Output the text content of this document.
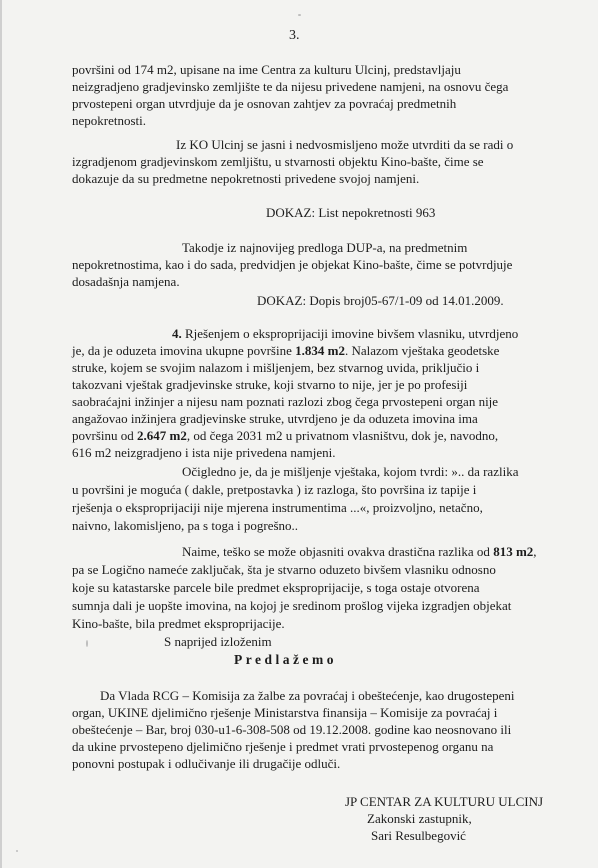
3.
površini od 174 m2, upisane na ime Centra za kulturu Ulcinj, predstavljaju
neizgradjeno gradjevinsko zemljište te da nijesu privedene namjeni, na osnovu čega
prvostepeni organ utvrdjuje da je osnovan zahtjev za povraćaj predmetnih
nepokretnosti.
Iz KO Ulcinj se jasni i nedvosmisljeno može utvrditi da se radi o
izgradjenom gradjevinskom zemljištu, u stvarnosti objektu Kino-bašte, čime se
dokazuje da su predmetne nepokretnosti privedene svojoj namjeni.
DOKAZ: List nepokretnosti 963
Takodje iz najnovijeg predloga DUP-a, na predmetnim
nepokretnostima, kao i do sada, predvidjen je objekat Kino-bašte, čime se potvrdjuje
dosadašnja namjena.
DOKAZ: Dopis broj05-67/1-09 od 14.01.2009.
4. Rješenjem o eksproprijaciji imovine bivšem vlasniku, utvrdjeno
je, da je oduzeta imovina ukupne površine 1.834 m2. Nalazom vještaka geodetske
struke, kojem se svojim nalazom i mišljenjem, bez stvarnog uvida, priključio i
takozvani vještak gradjevinske struke, koji stvarno to nije, jer je po profesiji
saobraćajni inžinjer a nijesu nam poznati razlozi zbog čega prvostepeni organ nije
angažovao inžinjera gradjevinske struke, utvrdjeno je da oduzeta imovina ima
površinu od 2.647 m2, od čega 2031 m2 u privatnom vlasništvu, dok je, navodno,
616 m2 neizgradjeno i ista nije privedena namjeni.
Očigledno je, da je mišljenje vještaka, kojom tvrdi: ».. da razlika
u površini je moguća ( dakle, pretpostavka ) iz razloga, što površina iz tapije i
rješenja o eksproprijaciji nije mjerena instrumentima ...«, proizvoljno, netačno,
naivno, lakomisljeno, pa s toga i pogrešno..
Naime, teško se može objasniti ovakva drastična razlika od 813 m2,
pa se Logično nameće zaključak, šta je stvarno oduzeto bivšem vlasniku odnosno
koje su katastarske parcele bile predmet eksproprijacije, s toga ostaje otvorena
sumnja dali je uopšte imovina, na kojoj je sredinom prošlog vijeka izgradjen objekat
Kino-bašte, bila predmet eksproprijacije.
S naprijed izloženim
Predlažemo
Da Vlada RCG – Komisija za žalbe za povraćaj i obeštećenje, kao drugostepeni
organ, UKINE djelimično rješenje Ministarstva finansija – Komisije za povraćaj i
obeštećenje – Bar, broj 030-u1-6-308-508 od 19.12.2008. godine kao neosnovano ili
da ukine prvostepeno djelimično rješenje i predmet vrati prvostepenog organu na
ponovni postupak i odlučivanje ili drugačije odluči.
JP CENTAR ZA KULTURU ULCINJ
Zakonski zastupnik,
Sari Resulbegović
